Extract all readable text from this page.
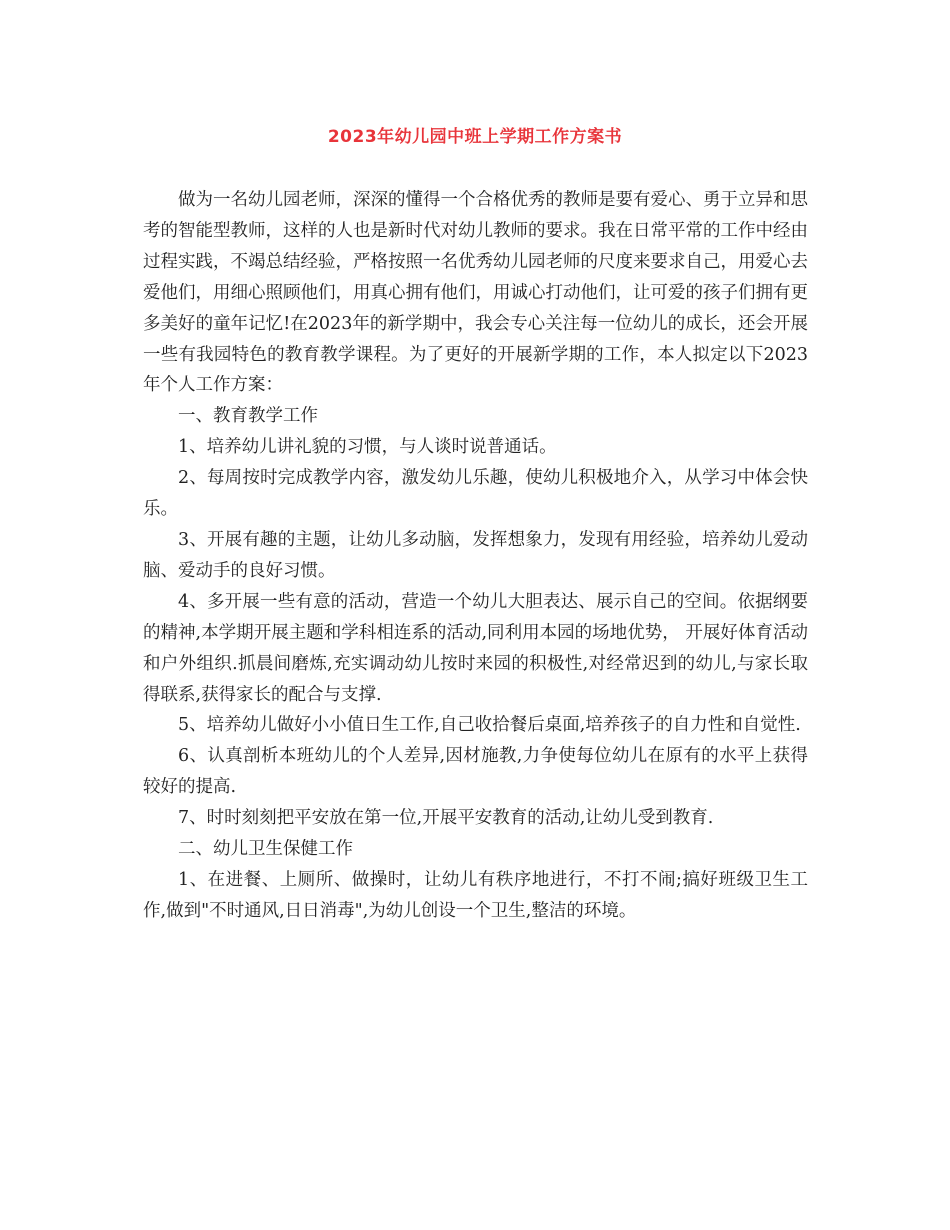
2023年幼儿园中班上学期工作方案书

做为一名幼儿园老师，深深的懂得一个合格优秀的教师是要有爱心、勇于立异和思考的智能型教师，这样的人也是新时代对幼儿教师的要求。我在日常平常的工作中经由过程实践，不竭总结经验，严格按照一名优秀幼儿园老师的尺度来要求自己，用爱心去爱他们，用细心照顾他们，用真心拥有他们，用诚心打动他们，让可爱的孩子们拥有更多美好的童年记忆!在2023年的新学期中，我会专心关注每一位幼儿的成长，还会开展一些有我园特色的教育教学课程。为了更好的开展新学期的工作，本人拟定以下2023年个人工作方案：

一、教育教学工作

1、培养幼儿讲礼貌的习惯，与人谈时说普通话。

2、每周按时完成教学内容，激发幼儿乐趣，使幼儿积极地介入，从学习中体会快乐。

3、开展有趣的主题，让幼儿多动脑，发挥想象力，发现有用经验，培养幼儿爱动脑、爱动手的良好习惯。

4、多开展一些有意的活动，营造一个幼儿大胆表达、展示自己的空间。依据纲要的精神,本学期开展主题和学科相连系的活动,同利用本园的场地优势， 开展好体育活动和户外组织.抓晨间磨炼,充实调动幼儿按时来园的积极性,对经常迟到的幼儿,与家长取得联系,获得家长的配合与支撑.

5、培养幼儿做好小小值日生工作,自己收拾餐后桌面,培养孩子的自力性和自觉性.

6、认真剖析本班幼儿的个人差异,因材施教,力争使每位幼儿在原有的水平上获得较好的提高.

7、时时刻刻把平安放在第一位,开展平安教育的活动,让幼儿受到教育.

二、幼儿卫生保健工作

1、在进餐、上厕所、做操时，让幼儿有秩序地进行，不打不闹;搞好班级卫生工作,做到"不时通风,日日消毒",为幼儿创设一个卫生,整洁的环境。
